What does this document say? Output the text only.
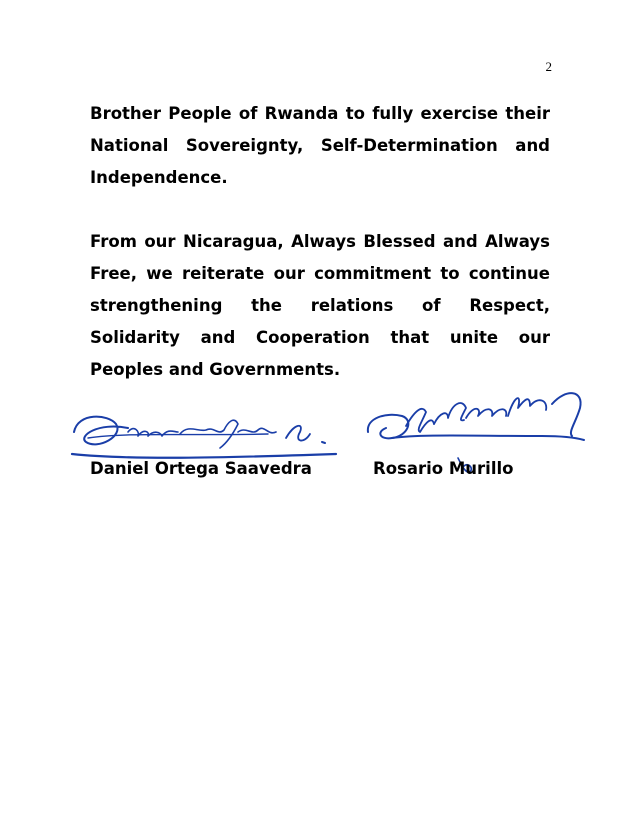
2

Brother People of Rwanda to fully exercise their National Sovereignty, Self-Determination and Independence.

From our Nicaragua, Always Blessed and Always Free, we reiterate our commitment to continue strengthening the relations of Respect, Solidarity and Cooperation that unite our Peoples and Governments.

Daniel Ortega Saavedra	Rosario Murillo
